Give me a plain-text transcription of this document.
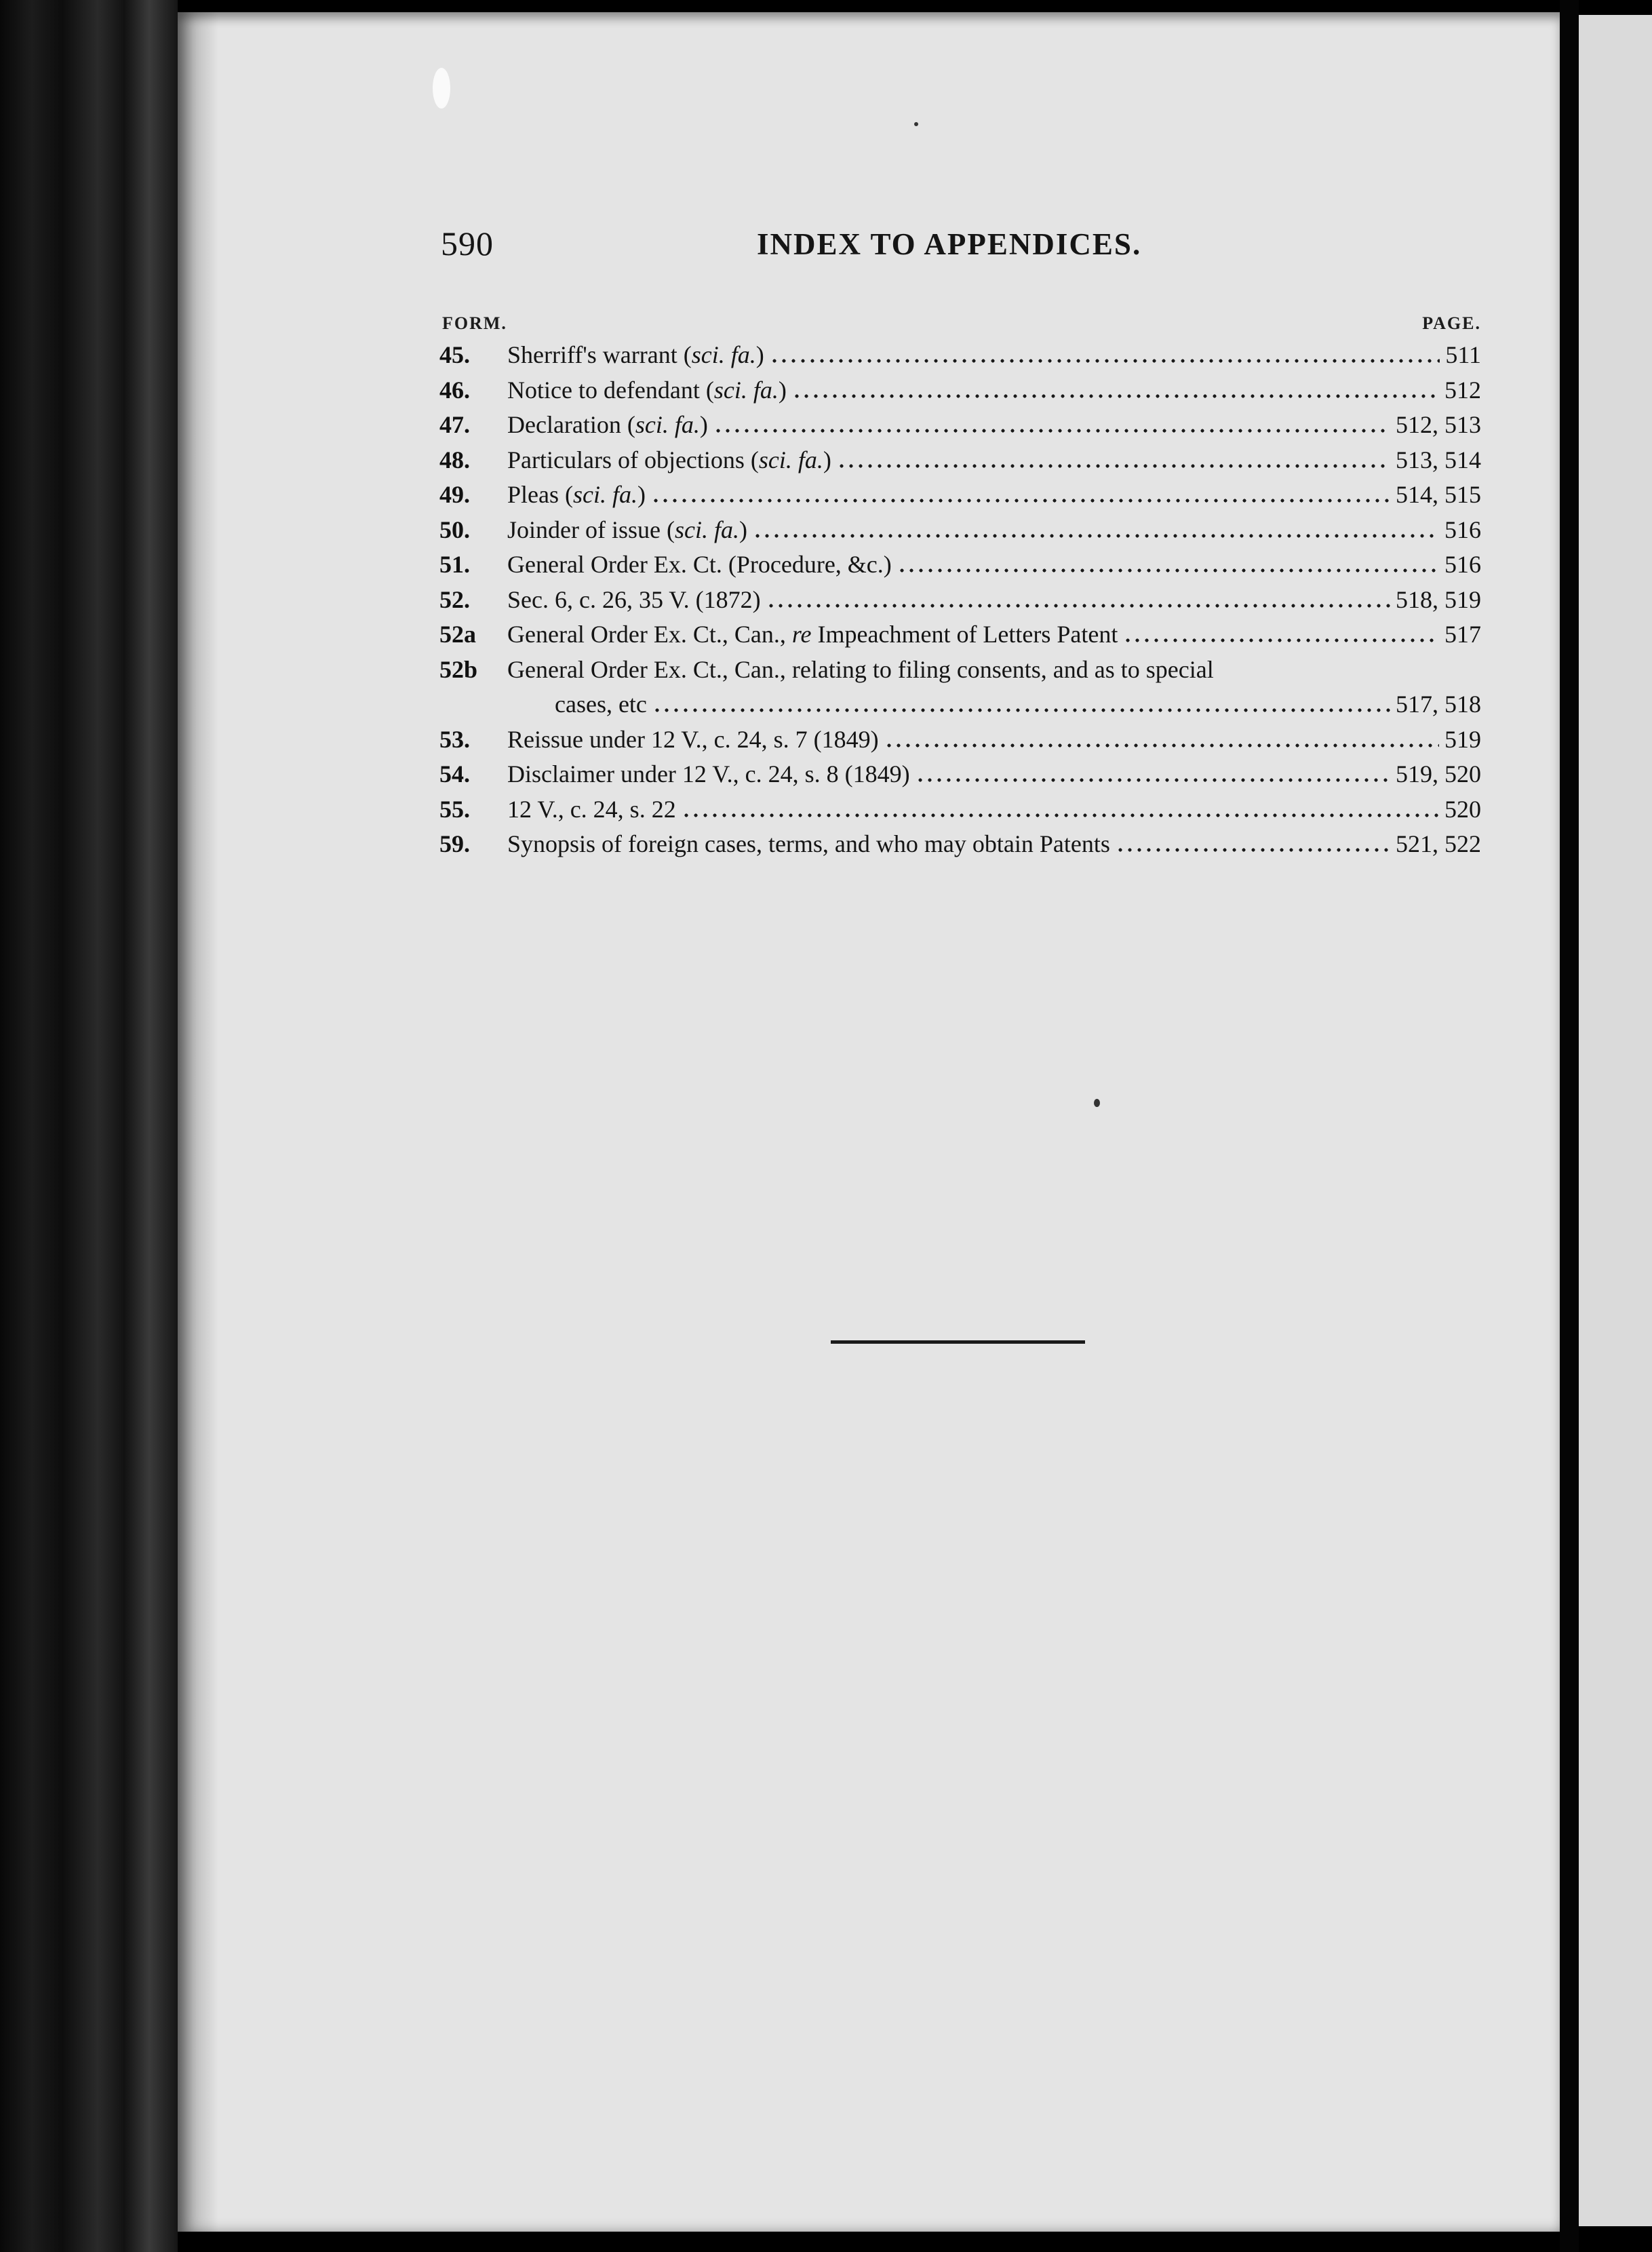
590	INDEX TO APPENDICES.
FORM.	PAGE.
45. Sherriff's warrant (sci. fa.)	511
46. Notice to defendant (sci. fa.)	512
47. Declaration (sci. fa.)	512, 513
48. Particulars of objections (sci. fa.)	513, 514
49. Pleas (sci. fa.)	514, 515
50. Joinder of issue (sci. fa.)	516
51. General Order Ex. Ct. (Procedure, &c.)	516
52. Sec. 6, c. 26, 35 V. (1872)	518, 519
52a General Order Ex. Ct., Can., re Impeachment of Letters Patent	517
52b General Order Ex. Ct., Can., relating to filing consents, and as to special
cases, etc	517, 518
53. Reissue under 12 V., c. 24, s. 7 (1849)	519
54. Disclaimer under 12 V., c. 24, s. 8 (1849)	519, 520
55. 12 V., c. 24, s. 22	520
59. Synopsis of foreign cases, terms, and who may obtain Patents	521, 522
